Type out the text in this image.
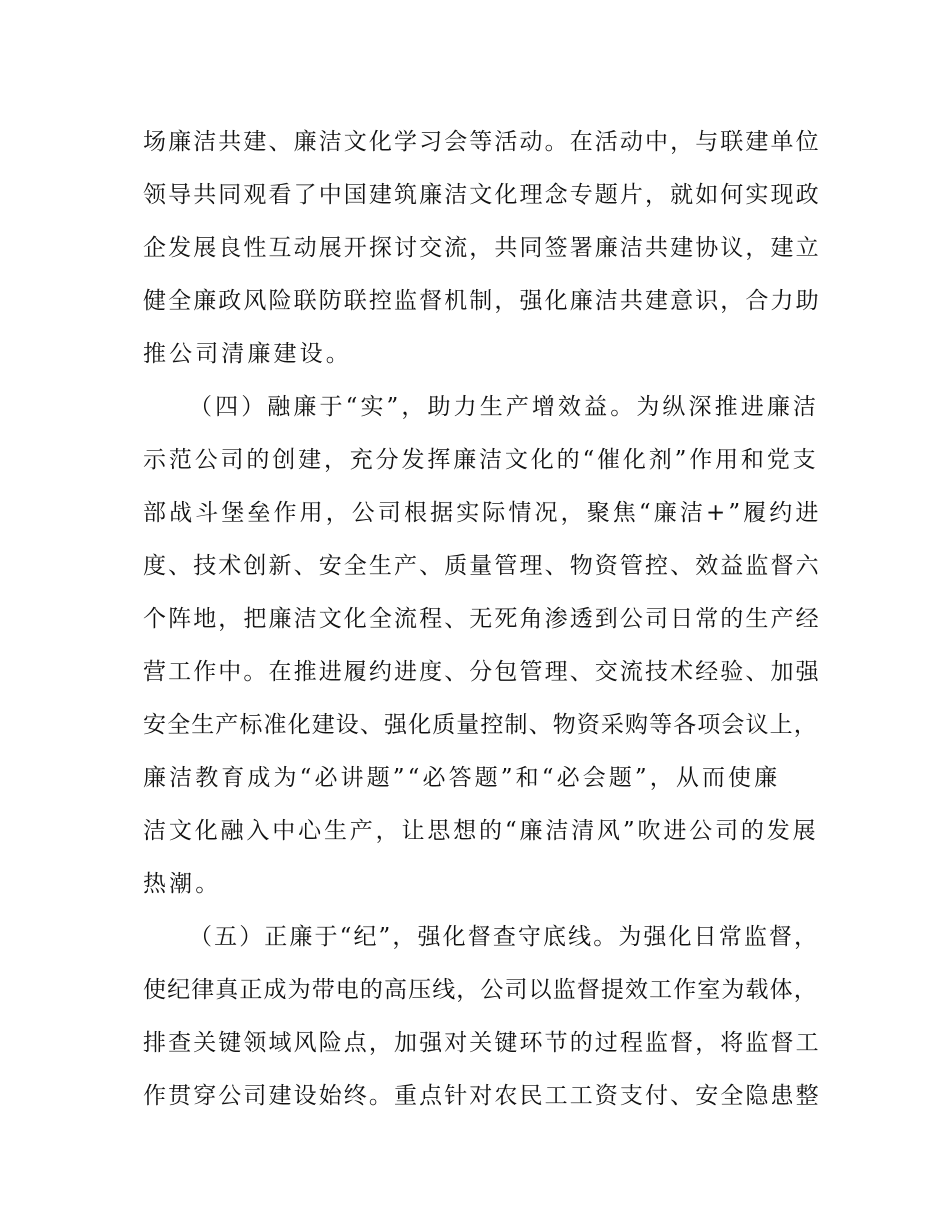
场廉洁共建、廉洁文化学习会等活动。在活动中，与联建单位
领导共同观看了中国建筑廉洁文化理念专题片，就如何实现政
企发展良性互动展开探讨交流，共同签署廉洁共建协议，建立
健全廉政风险联防联控监督机制，强化廉洁共建意识，合力助
推公司清廉建设。
（四）融廉于“实”，助力生产增效益。为纵深推进廉洁
示范公司的创建，充分发挥廉洁文化的“催化剂”作用和党支
部战斗堡垒作用，公司根据实际情况，聚焦“廉洁+”履约进
度、技术创新、安全生产、质量管理、物资管控、效益监督六
个阵地，把廉洁文化全流程、无死角渗透到公司日常的生产经
营工作中。在推进履约进度、分包管理、交流技术经验、加强
安全生产标准化建设、强化质量控制、物资采购等各项会议上，
廉洁教育成为“必讲题”“必答题”和“必会题”，从而使廉
洁文化融入中心生产，让思想的“廉洁清风”吹进公司的发展
热潮。
（五）正廉于“纪”，强化督查守底线。为强化日常监督，
使纪律真正成为带电的高压线，公司以监督提效工作室为载体，
排查关键领域风险点，加强对关键环节的过程监督，将监督工
作贯穿公司建设始终。重点针对农民工工资支付、安全隐患整
